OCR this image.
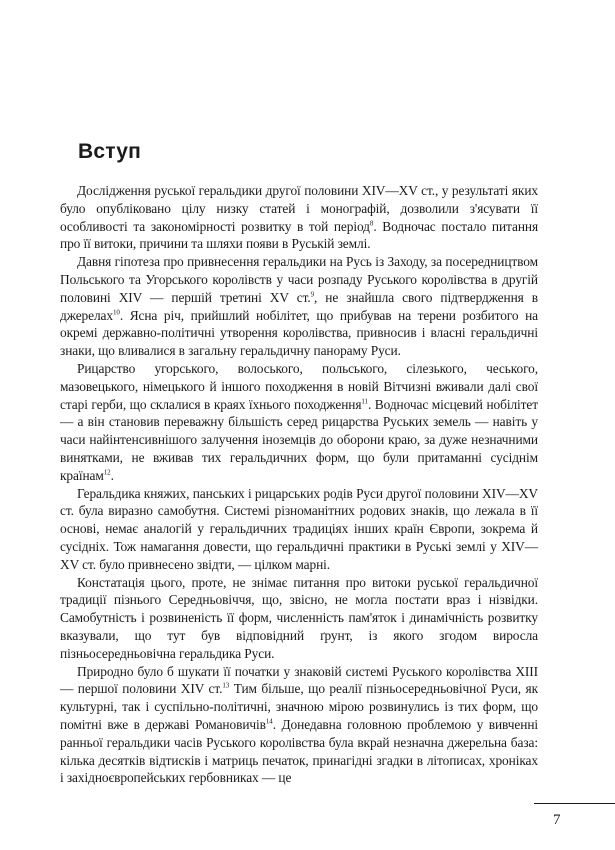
Вступ

Дослідження руської геральдики другої половини XIV—XV ст., у результаті яких було опубліковано цілу низку статей і монографій, дозволили з'ясувати її особливості та закономірності розвитку в той період$^8$. Водночас постало питання про її витоки, причини та шляхи появи в Руській землі.

Давня гіпотеза про привнесення геральдики на Русь із Заходу, за посередництвом Польського та Угорського королівств у часи розпаду Руського королівства в другій половині XIV — першій третині XV ст.$^9$, не знайшла свого підтвердження в джерелах$^{10}$. Ясна річ, прийшлий нобілітет, що прибував на терени розбитого на окремі державно-політичні утворення королівства, привносив і власні геральдичні знаки, що вливалися в загальну геральдичну панораму Руси.

Рицарство угорського, волоського, польського, сілезького, чеського, мазовецького, німецького й іншого походження в новій Вітчизні вживали далі свої старі герби, що склалися в краях їхнього походження$^{11}$. Водночас місцевий нобілітет — а він становив переважну більшість серед рицарства Руських земель — навіть у часи найінтенсивнішого залучення іноземців до оборони краю, за дуже незначними винятками, не вживав тих геральдичних форм, що були притаманні сусіднім країнам$^{12}$.

Геральдика княжих, панських і рицарських родів Руси другої половини XIV—XV ст. була виразно самобутня. Системі різноманітних родових знаків, що лежала в її основі, немає аналогій у геральдичних традиціях інших країн Європи, зокрема й сусідніх. Тож намагання довести, що геральдичні практики в Руські землі у XIV—XV ст. було привнесено звідти, — цілком марні.

Констатація цього, проте, не знімає питання про витоки руської геральдичної традиції пізнього Середньовіччя, що, звісно, не могла постати враз і нізвідки. Самобутність і розвиненість її форм, численність пам'яток і динамічність розвитку вказували, що тут був відповідний ґрунт, із якого згодом виросла пізньосередньовічна геральдика Руси.

Природно було б шукати її початки у знаковій системі Руського королівства XIII — першої половини XIV ст.$^{13}$ Тим більше, що реалії пізньосередньовічної Руси, як культурні, так і суспільно-політичні, значною мірою розвинулись із тих форм, що помітні вже в державі Романовичів$^{14}$. Донедавна головною проблемою у вивченні ранньої геральдики часів Руського королівства була вкрай незначна джерельна база: кілька десятків відтисків і матриць печаток, принагідні згадки в літописах, хроніках і західноєвропейських гербовниках — це

7
